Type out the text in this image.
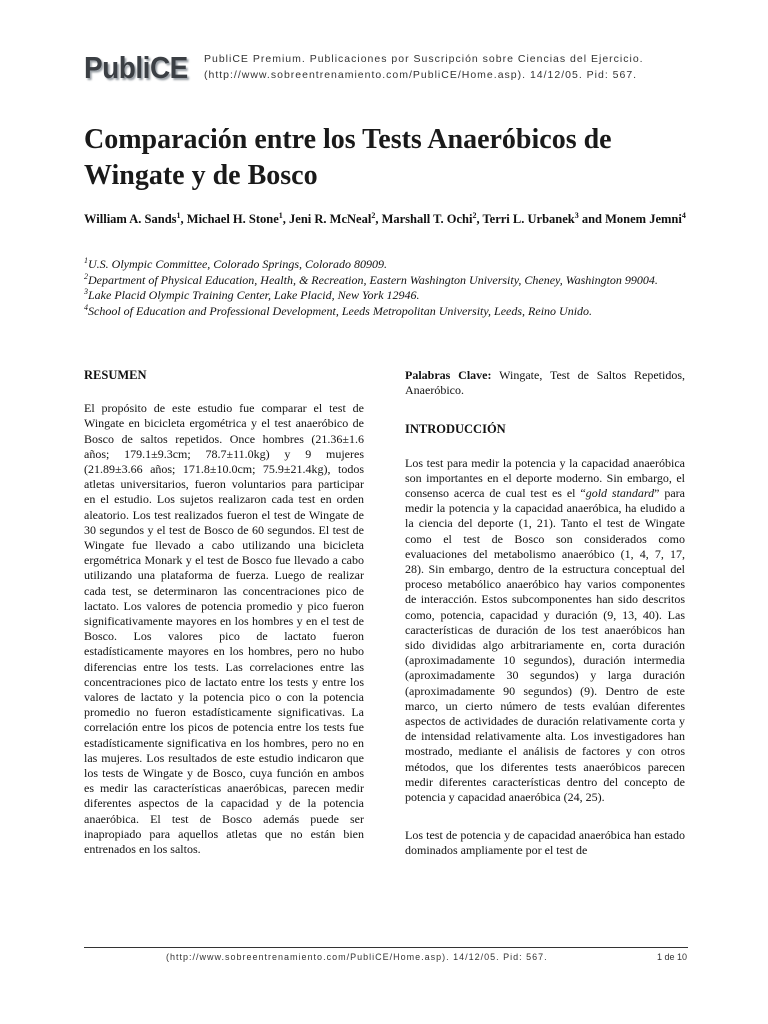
PubliCE PubliCE Premium. Publicaciones por Suscripción sobre Ciencias del Ejercicio.
(http://www.sobreentrenamiento.com/PubliCE/Home.asp). 14/12/05. Pid: 567.
Comparación entre los Tests Anaeróbicos de Wingate y de Bosco
William A. Sands$^1$, Michael H. Stone$^1$, Jeni R. McNeal$^2$, Marshall T. Ochi$^2$, Terri L. Urbanek$^3$ and Monem Jemni$^4$

$^1$U.S. Olympic Committee, Colorado Springs, Colorado 80909.

$^2$Department of Physical Education, Health, & Recreation, Eastern Washington University, Cheney, Washington 99004.

$^3$Lake Placid Olympic Training Center, Lake Placid, New York 12946.

$^4$School of Education and Professional Development, Leeds Metropolitan University, Leeds, Reino Unido.

RESUMEN

El propósito de este estudio fue comparar el test de Wingate en bicicleta ergométrica y el test anaeróbico de Bosco de saltos repetidos. Once hombres (21.36±1.6 años; 179.1±9.3cm; 78.7±11.0kg) y 9 mujeres (21.89±3.66 años; 171.8±10.0cm; 75.9±21.4kg), todos atletas universitarios, fueron voluntarios para participar en el estudio. Los sujetos realizaron cada test en orden aleatorio. Los test realizados fueron el test de Wingate de 30 segundos y el test de Bosco de 60 segundos. El test de Wingate fue llevado a cabo utilizando una bicicleta ergométrica Monark y el test de Bosco fue llevado a cabo utilizando una plataforma de fuerza. Luego de realizar cada test, se determinaron las concentraciones pico de lactato. Los valores de potencia promedio y pico fueron significativamente mayores en los hombres y en el test de Bosco. Los valores pico de lactato fueron estadísticamente mayores en los hombres, pero no hubo diferencias entre los tests. Las correlaciones entre las concentraciones pico de lactato entre los tests y entre los valores de lactato y la potencia pico o con la potencia promedio no fueron estadísticamente significativas. La correlación entre los picos de potencia entre los tests fue estadísticamente significativa en los hombres, pero no en las mujeres. Los resultados de este estudio indicaron que los tests de Wingate y de Bosco, cuya función en ambos es medir las características anaeróbicas, parecen medir diferentes aspectos de la capacidad y de la potencia anaeróbica. El test de Bosco además puede ser inapropiado para aquellos atletas que no están bien entrenados en los saltos.

Palabras Clave: Wingate, Test de Saltos Repetidos, Anaeróbico.

INTRODUCCIÓN

Los test para medir la potencia y la capacidad anaeróbica son importantes en el deporte moderno. Sin embargo, el consenso acerca de cual test es el “gold standard” para medir la potencia y la capacidad anaeróbica, ha eludido a la ciencia del deporte (1, 21). Tanto el test de Wingate como el test de Bosco son considerados como evaluaciones del metabolismo anaeróbico (1, 4, 7, 17, 28). Sin embargo, dentro de la estructura conceptual del proceso metabólico anaeróbico hay varios componentes de interacción. Estos subcomponentes han sido descritos como, potencia, capacidad y duración (9, 13, 40). Las características de duración de los test anaeróbicos han sido divididas algo arbitrariamente en, corta duración (aproximadamente 10 segundos), duración intermedia (aproximadamente 30 segundos) y larga duración (aproximadamente 90 segundos) (9). Dentro de este marco, un cierto número de tests evalúan diferentes aspectos de actividades de duración relativamente corta y de intensidad relativamente alta. Los investigadores han mostrado, mediante el análisis de factores y con otros métodos, que los diferentes tests anaeróbicos parecen medir diferentes características dentro del concepto de potencia y capacidad anaeróbica (24, 25).

Los test de potencia y de capacidad anaeróbica han estado dominados ampliamente por el test de

(http://www.sobreentrenamiento.com/PubliCE/Home.asp). 14/12/05. Pid: 567.	1 de 10
